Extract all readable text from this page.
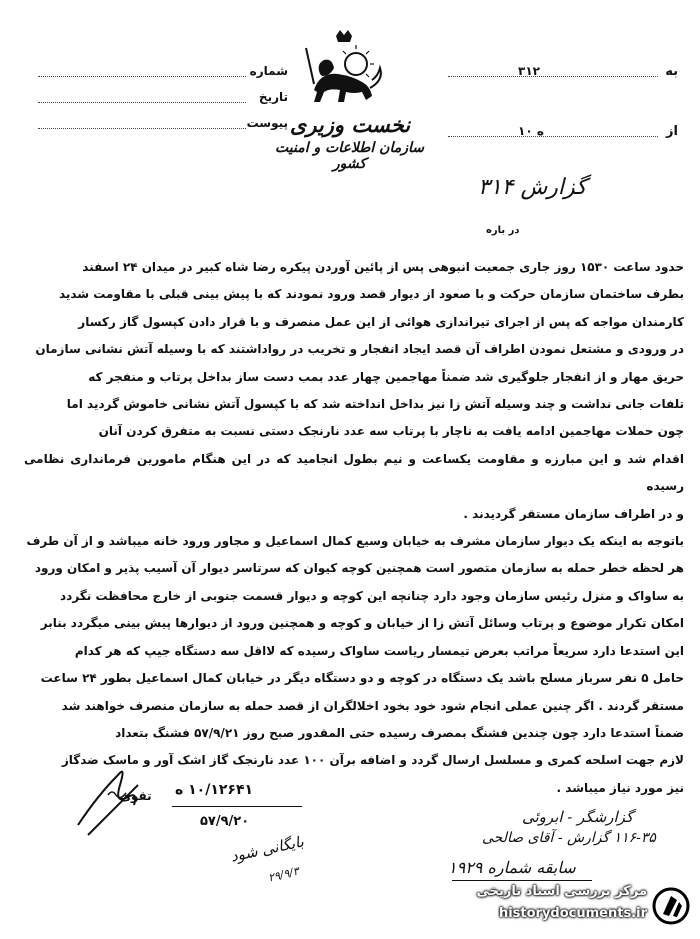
شماره
تاریخ
پیوست
۳۱۲	به
۱۰ ه	از
نخست وزیری
سازمان اطلاعات و امنیت کشور
گزارش ۳۱۴
در باره

حدود ساعت ۱۵۳۰ روز جاری جمعیت انبوهی پس از پائین آوردن پیکره رضا شاه کبیر در میدان ۲۴ اسفند

بطرف ساختمان سازمان حرکت و با صعود از دیوار قصد ورود نمودند که با پیش بینی قبلی با مقاومت شدید

کارمندان مواجه که پس از اجرای تیراندازی هوائی از این عمل منصرف و با قرار دادن کپسول گاز رکسار

در ورودی و مشتعل نمودن اطراف آن قصد ایجاد انفجار و تخریب در رواداشتند که با وسیله آتش نشانی سازمان

حریق مهار و از انفجار جلوگیری شد ضمناً مهاجمین چهار عدد بمب دست ساز بداخل پرتاب و منفجر که

تلفات جانی نداشت و چند وسیله آتش زا نیز بداخل انداخته شد که با کپسول آتش نشانی خاموش گردید اما

چون حملات مهاجمین ادامه یافت به ناچار با پرتاب سه عدد نارنجک دستی نسبت به متفرق کردن آنان

اقدام شد و این مبارزه و مقاومت یکساعت و نیم بطول انجامید که در این هنگام مامورین فرمانداری نظامی رسیده

و در اطراف سازمان مستقر گردیدند .

باتوجه به اینکه یک دیوار سازمان مشرف به خیابان وسیع کمال اسماعیل و مجاور ورود خانه میباشد و از آن طرف

هر لحظه خطر حمله به سازمان متصور است همچنین کوچه کیوان که سرتاسر دیوار آن آسیب پذیر و امکان ورود

به ساواک و منزل رئیس سازمان وجود دارد چنانچه این کوچه و دیوار قسمت جنوبی از خارج محافظت نگردد

امکان تکرار موضوع و پرتاب وسائل آتش زا از خیابان و کوچه و همچنین ورود از دیوارها پیش بینی میگردد بنابر

این استدعا دارد سریعاً مراتب بعرض تیمسار ریاست ساواک رسیده که لااقل سه دستگاه جیپ که هر کدام

حامل ۵ نفر سرباز مسلح باشد یک دستگاه در کوچه و دو دستگاه دیگر در خیابان کمال اسماعیل بطور ۲۴ ساعت

مستقر گردند . اگر چنین عملی انجام شود خود بخود اخلالگران از قصد حمله به سازمان منصرف خواهند شد

ضمناً استدعا دارد چون چندین فشنگ بمصرف رسیده حتی المقدور صبح روز ۵۷/۹/۲۱ فشنگ بتعداد

لازم جهت اسلحه کمری و مسلسل ارسال گردد و اضافه برآن ۱۰۰ عدد نارنجک گاز اشک آور و ماسک ضدگاز

نیز مورد نیاز میباشد .

۱۰/۱۲۶۴۱ ه
تقوی
۵۷/۹/۲۰	گزارشگر - ابروئی
۱۱۶-۳۵ گزارش - آقای صالحی
سابقه شماره ۱۹۲۹
بایگانی شود
۲۹/۹/۳
مرکز بررسی اسناد تاریخی
historydocuments.ir
